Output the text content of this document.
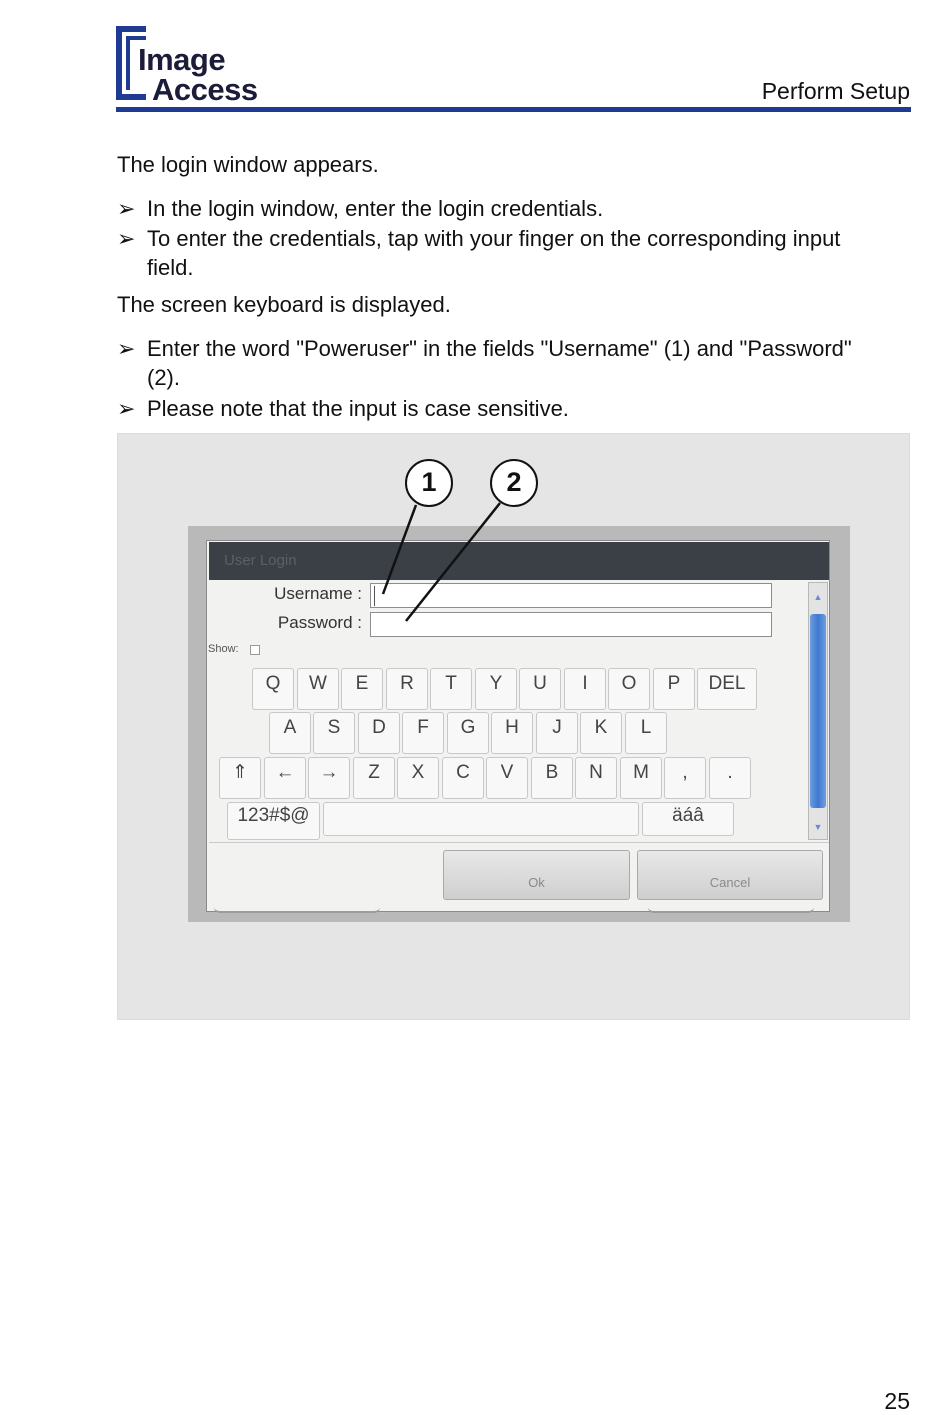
Image
Access	Perform Setup
The login window appears.
➢ In the login window, enter the login credentials.
➢ To enter the credentials, tap with your finger on the corresponding input field.
The screen keyboard is displayed.
➢ Enter the word "Poweruser" in the fields "Username" (1) and "Password" (2).
➢ Please note that the input is case sensitive.
User Login
Username :
Password :
Show:
Q	W	E	R	T	Y	U	I	O	P	DEL
A	S	D	F	G	H	J	K	L
⇑	←	→	Z	X	C	V	B	N	M	,	.
123#$@	äáâ
▲
▼
Ok	Cancel
1	2
25
